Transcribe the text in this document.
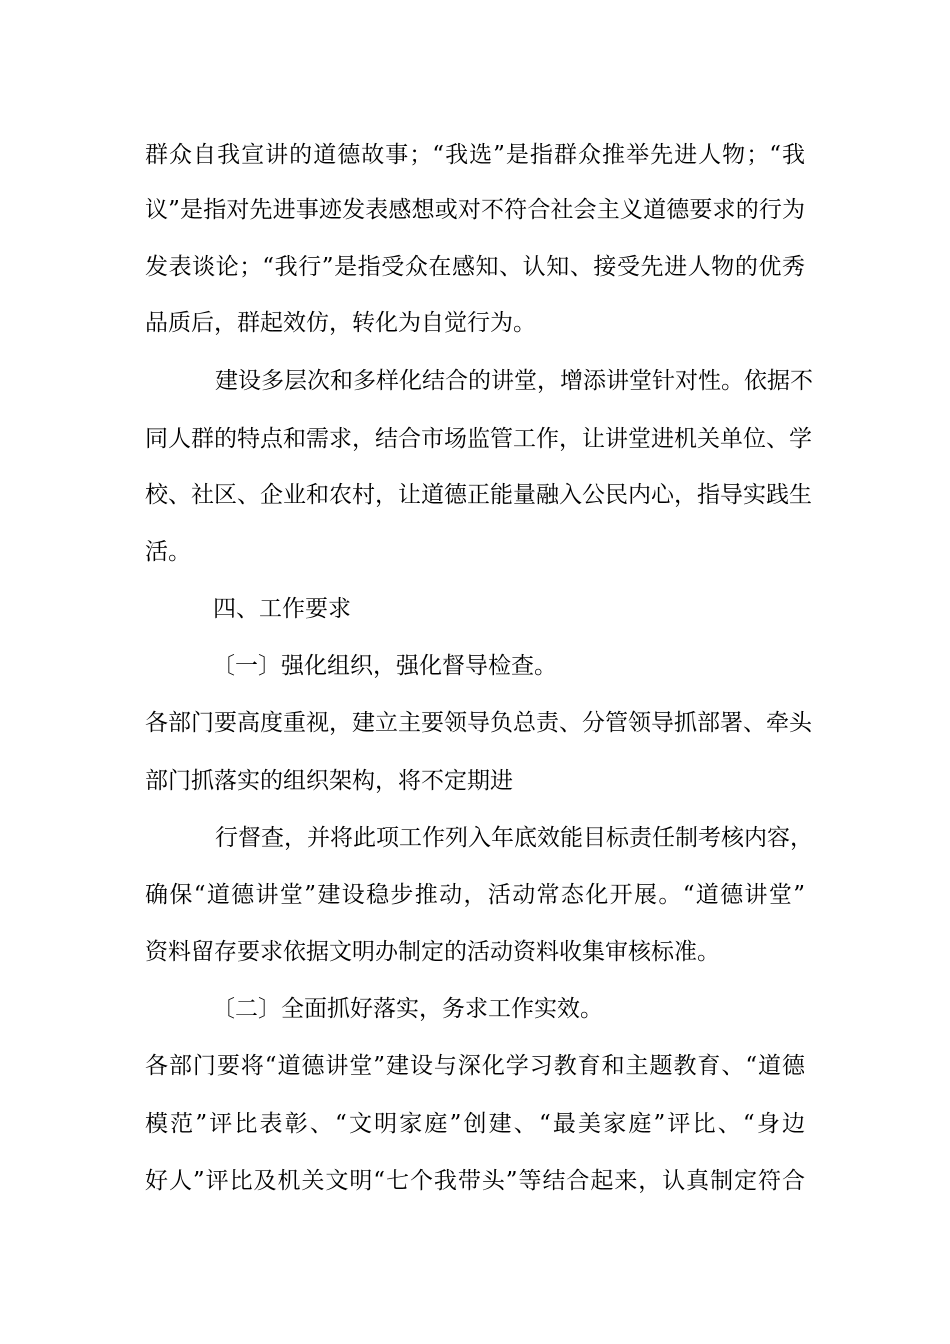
群众自我宣讲的道德故事；“我选”是指群众推举先进人物；“我

议”是指对先进事迹发表感想或对不符合社会主义道德要求的行为

发表谈论；“我行”是指受众在感知、认知、接受先进人物的优秀

品质后，群起效仿，转化为自觉行为。

建设多层次和多样化结合的讲堂，增添讲堂针对性。依据不

同人群的特点和需求，结合市场监管工作，让讲堂进机关单位、学

校、社区、企业和农村，让道德正能量融入公民内心，指导实践生

活。

四、工作要求

〔一〕强化组织，强化督导检查。

各部门要高度重视，建立主要领导负总责、分管领导抓部署、牵头

部门抓落实的组织架构，将不定期进

行督查，并将此项工作列入年底效能目标责任制考核内容，

确保“道德讲堂”建设稳步推动，活动常态化开展。“道德讲堂”

资料留存要求依据文明办制定的活动资料收集审核标准。

〔二〕全面抓好落实，务求工作实效。

各部门要将“道德讲堂”建设与深化学习教育和主题教育、“道德

模范”评比表彰、“文明家庭”创建、“最美家庭”评比、“身边

好人”评比及机关文明“七个我带头”等结合起来，认真制定符合
